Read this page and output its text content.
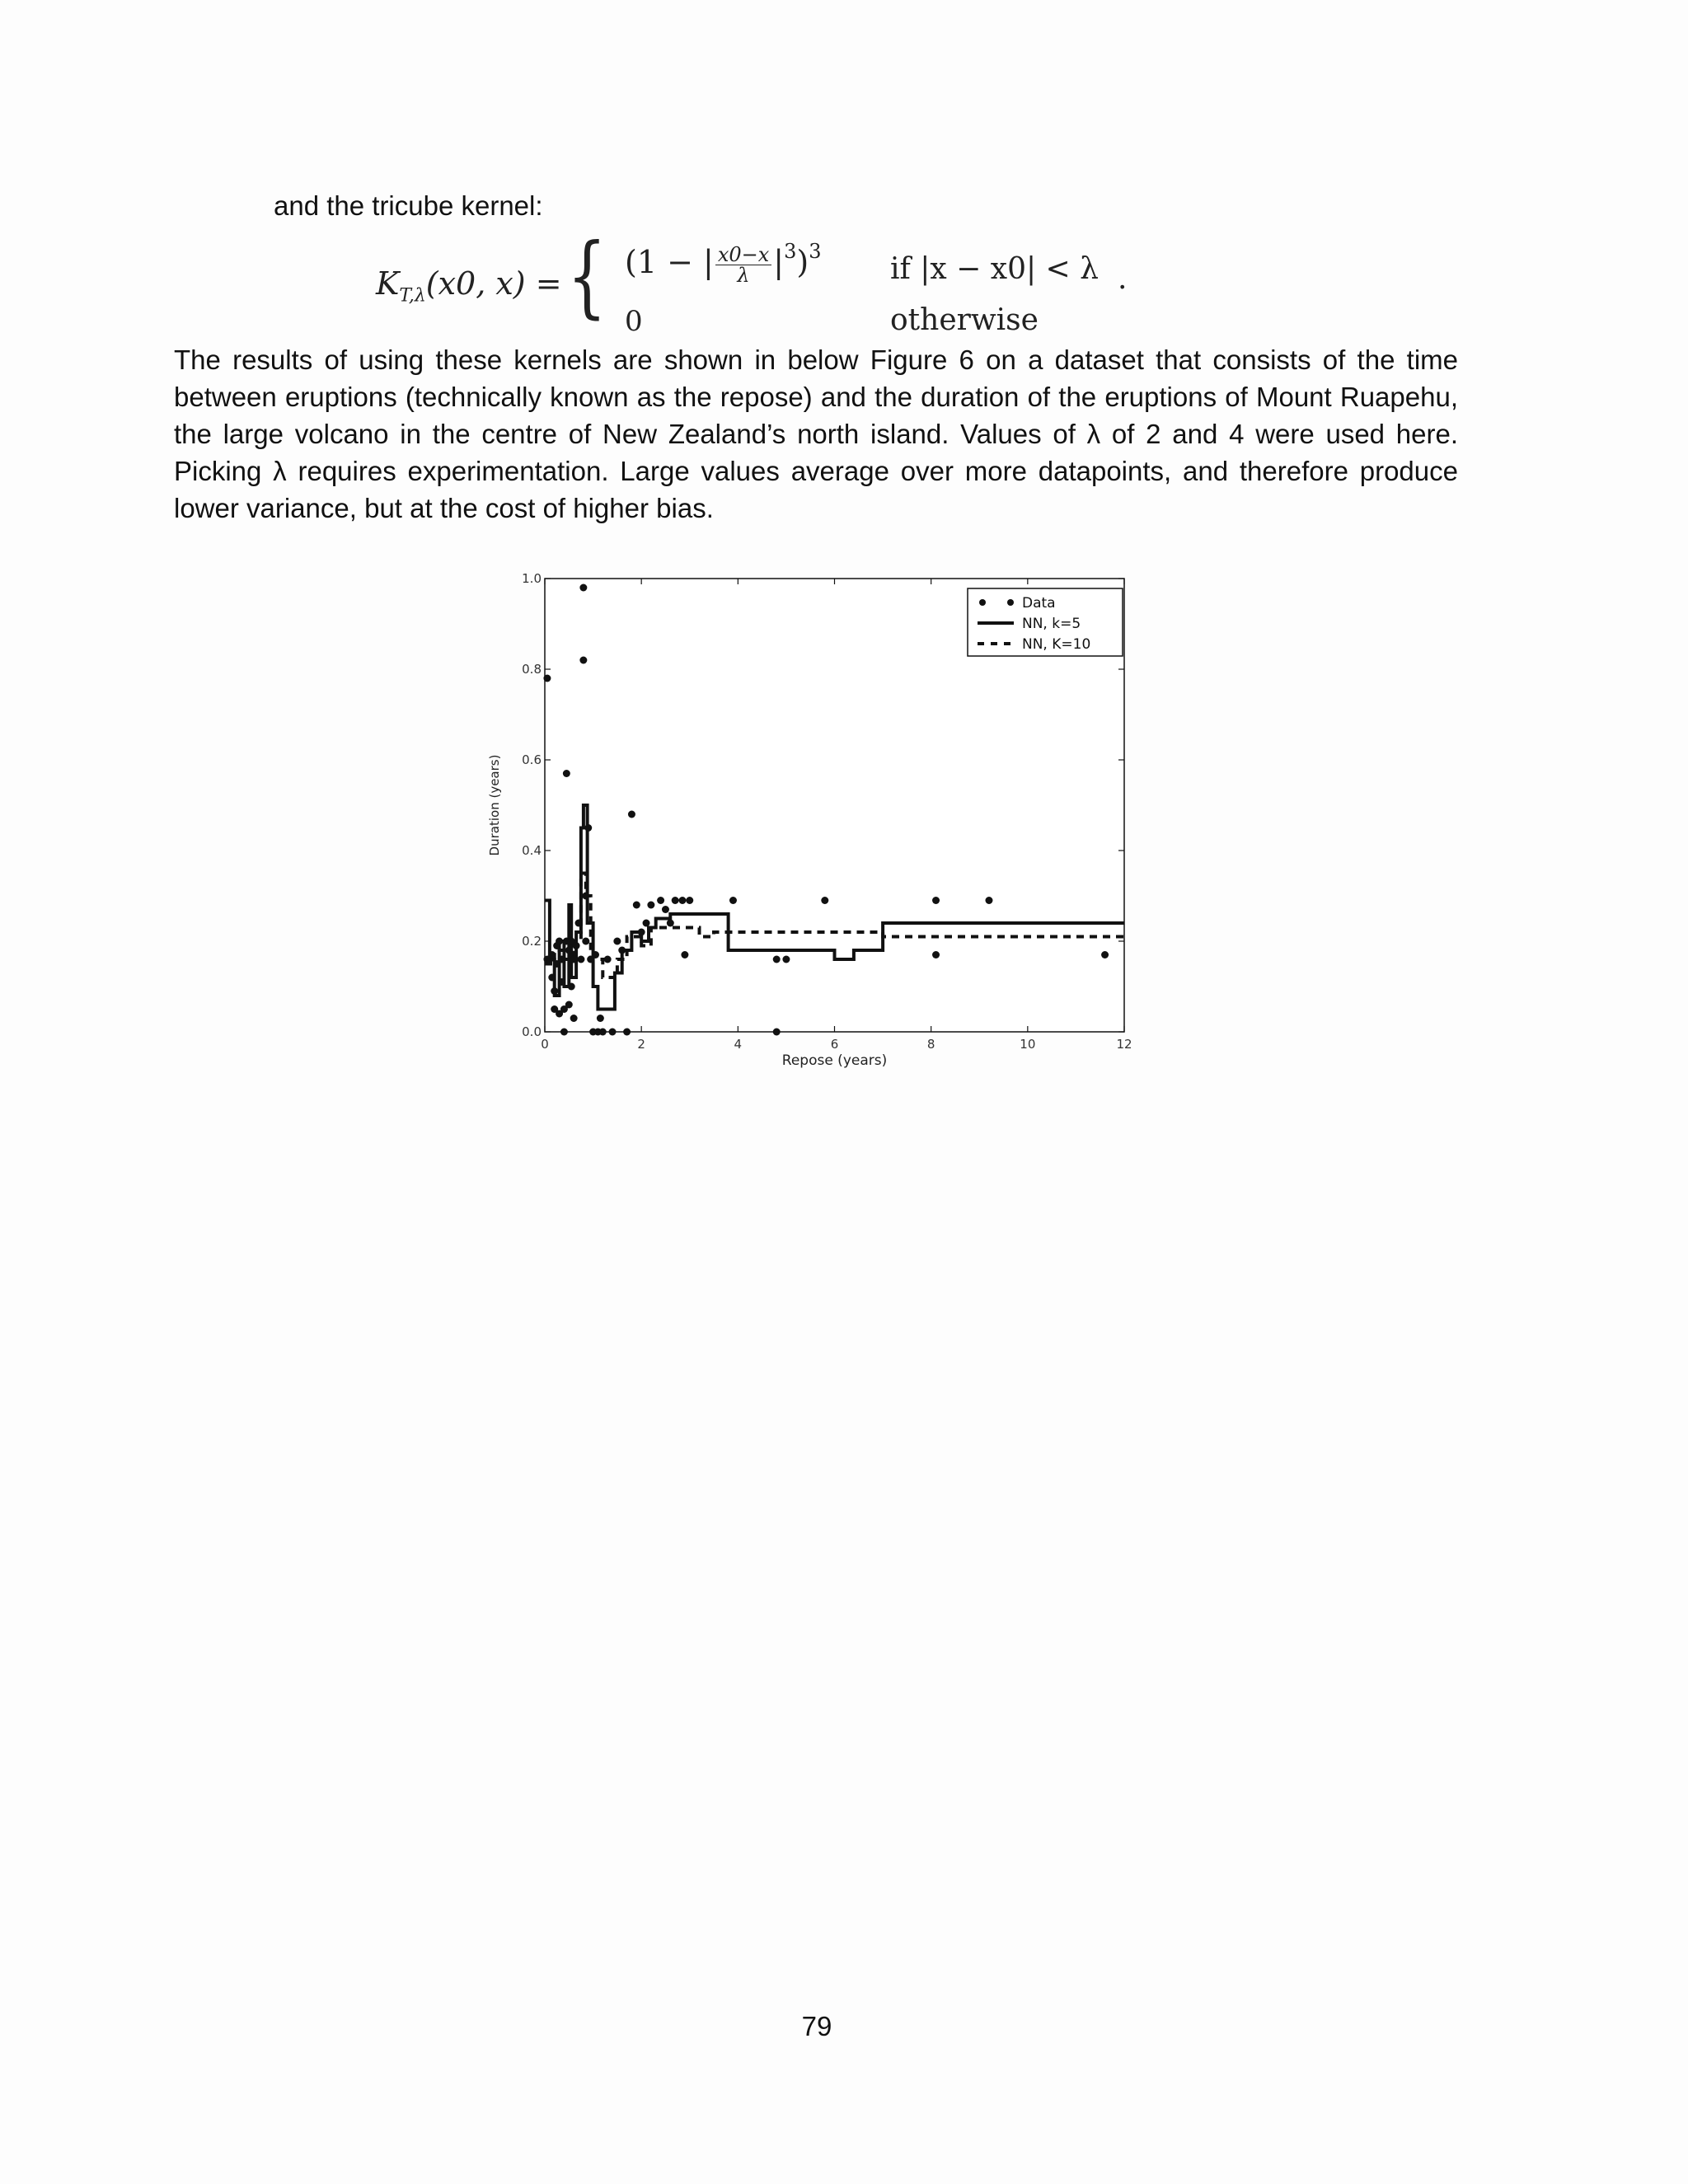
and the tricube kernel:
$K_{T,\lambda}(x0$, x) = { (1 − | $\frac{x0-x}{\lambda} |^3)^3$
0
if |x − x0| < λ
otherwise
.
The results of using these kernels are shown in below Figure 6 on a dataset that consists of the time between eruptions (technically known as the repose) and the duration of the eruptions of Mount Ruapehu, the large volcano in the centre of New Zealand’s north island. Values of λ of 2 and 4 were used here. Picking λ requires experimentation. Large values average over more datapoints, and therefore produce lower variance, but at the cost of higher bias.
0	2	4	6	8	10	12
0.0
0.2
0.4
0.6
0.8
1.0
Repose (years)
Duration (years)
Data
NN, k=5
NN, K=10
79
